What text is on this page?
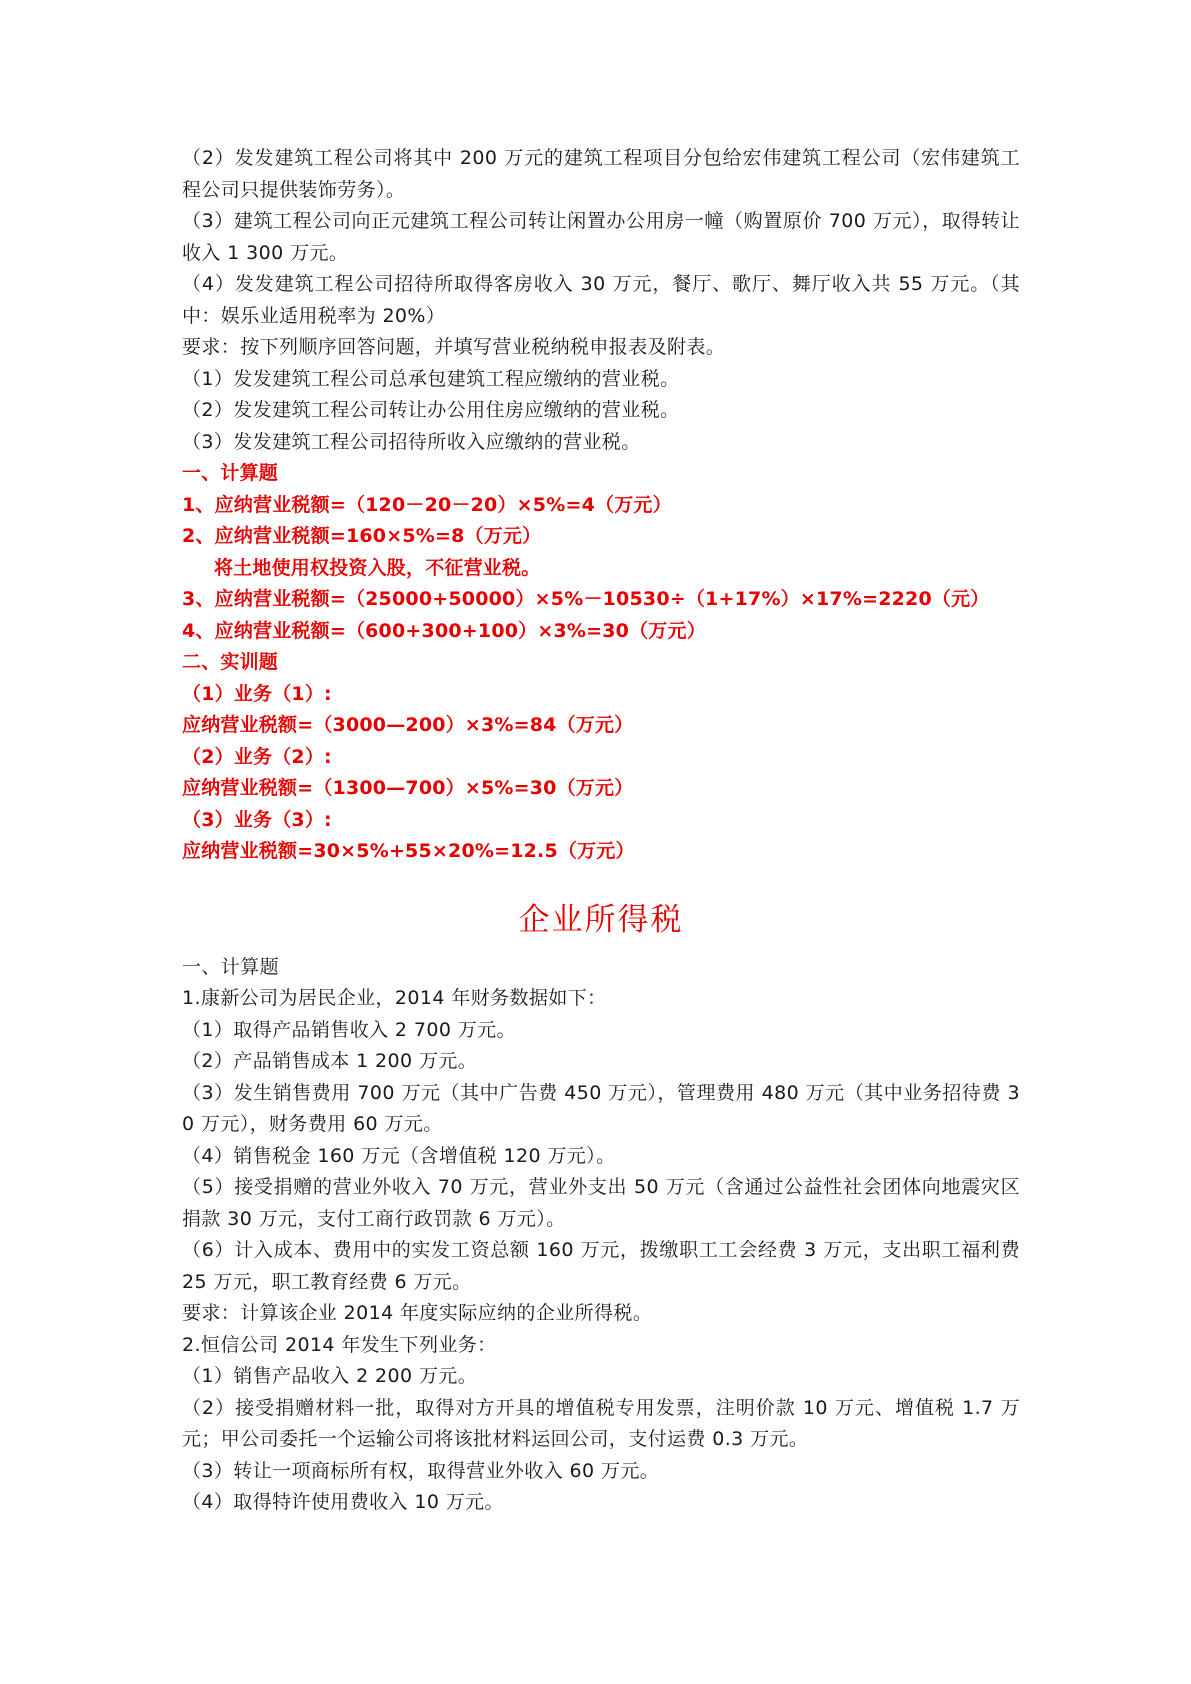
（2）发发建筑工程公司将其中 200 万元的建筑工程项目分包给宏伟建筑工程公司（宏伟建筑工程公司只提供装饰劳务）。

（3）建筑工程公司向正元建筑工程公司转让闲置办公用房一幢（购置原价 700 万元），取得转让收入 1 300 万元。

（4）发发建筑工程公司招待所取得客房收入 30 万元，餐厅、歌厅、舞厅收入共 55 万元。（其中：娱乐业适用税率为 20%）

要求：按下列顺序回答问题，并填写营业税纳税申报表及附表。

（1）发发建筑工程公司总承包建筑工程应缴纳的营业税。

（2）发发建筑工程公司转让办公用住房应缴纳的营业税。

（3）发发建筑工程公司招待所收入应缴纳的营业税。

一、计算题

1、应纳营业税额=（120－20－20）×5%=4（万元）

2、应纳营业税额=160×5%=8（万元）

将土地使用权投资入股，不征营业税。

3、应纳营业税额=（25000+50000）×5%－10530÷（1+17%）×17%=2220（元）

4、应纳营业税额=（600+300+100）×3%=30（万元）

二、实训题

（1）业务（1）:

应纳营业税额=（3000—200）×3%=84（万元）

（2）业务（2）:

应纳营业税额=（1300—700）×5%=30（万元）

（3）业务（3）:

应纳营业税额=30×5%+55×20%=12.5（万元）

企业所得税

一、计算题

1.康新公司为居民企业，2014 年财务数据如下：

（1）取得产品销售收入 2 700 万元。

（2）产品销售成本 1 200 万元。

（3）发生销售费用 700 万元（其中广告费 450 万元），管理费用 480 万元（其中业务招待费 30 万元），财务费用 60 万元。

（4）销售税金 160 万元（含增值税 120 万元）。

（5）接受捐赠的营业外收入 70 万元，营业外支出 50 万元（含通过公益性社会团体向地震灾区捐款 30 万元，支付工商行政罚款 6 万元）。

（6）计入成本、费用中的实发工资总额 160 万元，拨缴职工工会经费 3 万元，支出职工福利费 25 万元，职工教育经费 6 万元。

要求：计算该企业 2014 年度实际应纳的企业所得税。

2.恒信公司 2014 年发生下列业务：

（1）销售产品收入 2 200 万元。

（2）接受捐赠材料一批，取得对方开具的增值税专用发票，注明价款 10 万元、增值税 1.7 万元；甲公司委托一个运输公司将该批材料运回公司，支付运费 0.3 万元。

（3）转让一项商标所有权，取得营业外收入 60 万元。

（4）取得特许使用费收入 10 万元。
